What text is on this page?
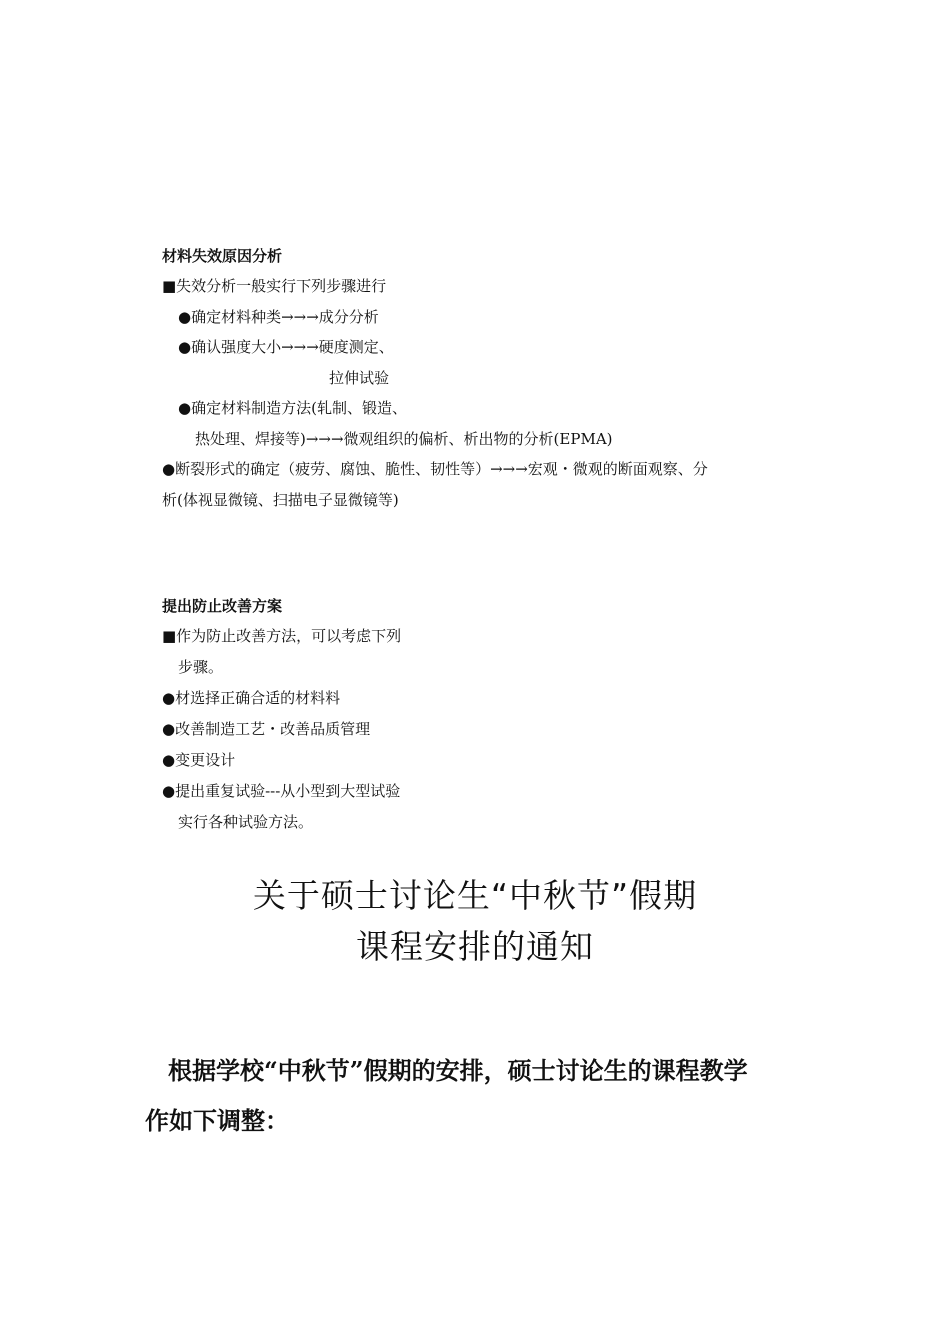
材料失效原因分析
■失效分析一般实行下列步骤进行
●确定材料种类→→→成分分析
●确认强度大小→→→硬度测定、
拉伸试验
●确定材料制造方法(轧制、锻造、
热处理、焊接等)→→→微观组织的偏析、析出物的分析(EPMA)
●断裂形式的确定（疲劳、腐蚀、脆性、韧性等）→→→宏观・微观的断面观察、分
析(体视显微镜、扫描电子显微镜等)
提出防止改善方案
■作为防止改善方法，可以考虑下列
步骤。
●材选择正确合适的材料料
●改善制造工艺・改善品质管理
●变更设计
●提出重复试验---从小型到大型试验
实行各种试验方法。
关于硕士讨论生“中秋节”假期
课程安排的通知
根据学校“中秋节”假期的安排，硕士讨论生的课程教学
作如下调整：
